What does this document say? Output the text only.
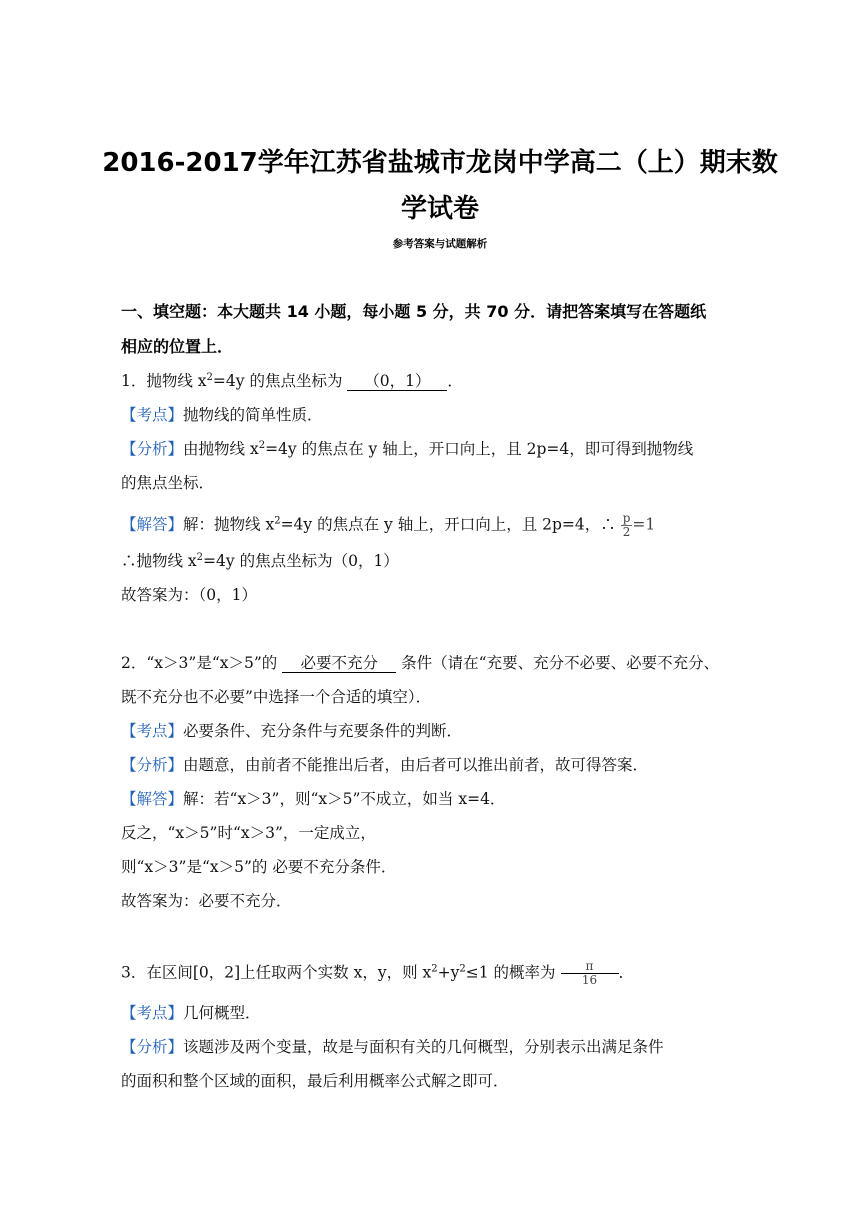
2016-2017学年江苏省盐城市龙岗中学高二（上）期末数
学试卷
参考答案与试题解析
一、填空题：本大题共 14 小题，每小题 5 分，共 70 分．请把答案填写在答题纸
相应的位置上．
1．抛物线 $x^2=4y$ 的焦点坐标为 （0，1） ．
【考点】抛物线的简单性质．
【分析】由抛物线 $x^2=4y$ 的焦点在 y 轴上，开口向上，且 2p=4，即可得到抛物线
的焦点坐标．
【解答】解：抛物线 $x^2=4y$ 的焦点在 y 轴上，开口向上，且 2p=4，∴ $\frac{p}{2} =1$
∴抛物线 $x^2=4y$ 的焦点坐标为（0，1）
故答案为：（0，1）
2．“x＞3”是“x＞5”的 必要不充分 条件（请在“充要、充分不必要、必要不充分、
既不充分也不必要”中选择一个合适的填空）．
【考点】必要条件、充分条件与充要条件的判断．
【分析】由题意，由前者不能推出后者，由后者可以推出前者，故可得答案．
【解答】解：若“x＞3”，则“x＞5”不成立，如当 x=4．
反之，“x＞5”时“x＞3”，一定成立，
则“x＞3”是“x＞5”的 必要不充分条件．
故答案为：必要不充分．
3．在区间[0，2]上任取两个实数 x，y，则 $x^2+y^2\le 1$ 的概率为 $\frac{\pi}{16}$ ．
【考点】几何概型．
【分析】该题涉及两个变量，故是与面积有关的几何概型，分别表示出满足条件
的面积和整个区域的面积，最后利用概率公式解之即可．
